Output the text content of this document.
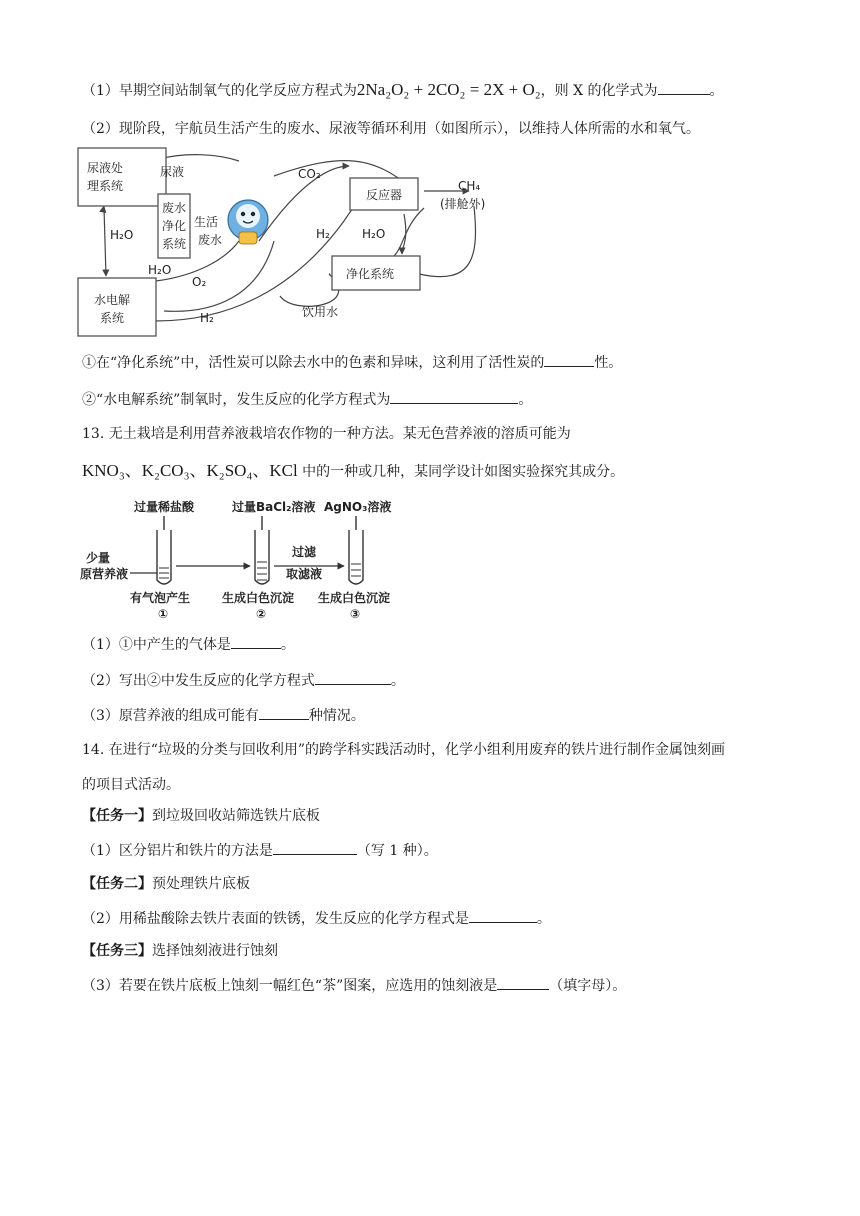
（1）早期空间站制氧气的化学反应方程式为2Na₂O₂ + 2CO₂ = 2X + O₂，则 X 的化学式为	。
（2）现阶段，宇航员生活产生的废水、尿液等循环利用（如图所示），以维持人体所需的水和氧气。
尿液处
理系统
废水
净化
系统
水电解
系统
反应器
净化系统
尿液
生活
废水
H₂O
H₂O
H₂O
O₂
H₂
H₂
CO₂
CH₄
(排舱外)
饮用水
①在“净化系统”中，活性炭可以除去水中的色素和异味，这利用了活性炭的	性。
②“水电解系统”制氧时，发生反应的化学方程式为	。
13. 无土栽培是利用营养液栽培农作物的一种方法。某无色营养液的溶质可能为
KNO₃、K₂CO₃、K₂SO₄、KCl 中的一种或几种，某同学设计如图实验探究其成分。
过量稀盐酸	过量BaCl₂溶液 AgNO₃溶液
少量
原营养液
过滤
取滤液
有气泡产生	生成白色沉淀 生成白色沉淀
①	②	③
（1）①中产生的气体是	。
（2）写出②中发生反应的化学方程式	。
（3）原营养液的组成可能有	种情况。
14. 在进行“垃圾的分类与回收利用”的跨学科实践活动时，化学小组利用废弃的铁片进行制作金属蚀刻画
的项目式活动。
【任务一】到垃圾回收站筛选铁片底板
（1）区分铝片和铁片的方法是	（写 1 种）。
【任务二】预处理铁片底板
（2）用稀盐酸除去铁片表面的铁锈，发生反应的化学方程式是	。
【任务三】选择蚀刻液进行蚀刻
（3）若要在铁片底板上蚀刻一幅红色“茶”图案，应选用的蚀刻液是	（填字母）。
